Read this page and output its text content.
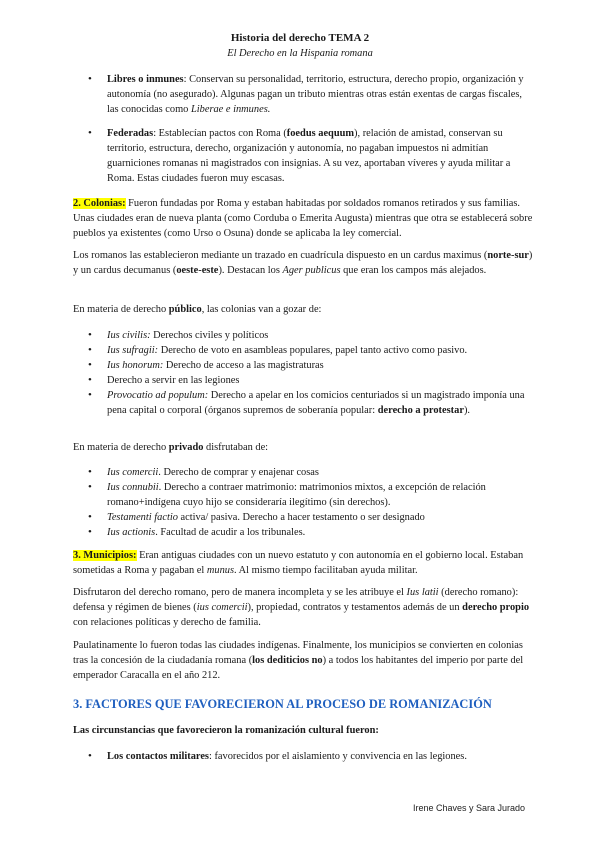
Historia del derecho TEMA 2
El Derecho en la Hispania romana
• Libres o inmunes: Conservan su personalidad, territorio, estructura, derecho propio, organización y autonomía (no asegurado). Algunas pagan un tributo mientras otras están exentas de cargas fiscales, las conocidas como Liberae e inmunes.
• Federadas: Establecían pactos con Roma (foedus aequum), relación de amistad, conservan su territorio, estructura, derecho, organización y autonomía, no pagaban impuestos ni admitían guarniciones romanas ni magistrados con insignias. A su vez, aportaban víveres y ayuda militar a Roma. Estas ciudades fueron muy escasas.

2. Colonias: Fueron fundadas por Roma y estaban habitadas por soldados romanos retirados y sus familias. Unas ciudades eran de nueva planta (como Corduba o Emerita Augusta) mientras que otra se establecerá sobre pueblos ya existentes (como Urso o Osuna) donde se aplicaba la ley comercial.

Los romanos las establecieron mediante un trazado en cuadrícula dispuesto en un cardus maximus (norte-sur) y un cardus decumanus (oeste-este). Destacan los Ager publicus que eran los campos más alejados.

En materia de derecho público, las colonias van a gozar de:

• Ius civilis: Derechos civiles y políticos
• Ius sufragii: Derecho de voto en asambleas populares, papel tanto activo como pasivo.
• Ius honorum: Derecho de acceso a las magistraturas
• Derecho a servir en las legiones
• Provocatio ad populum: Derecho a apelar en los comicios centuriados si un magistrado imponía una pena capital o corporal (órganos supremos de soberanía popular: derecho a protestar).

En materia de derecho privado disfrutaban de:

• Ius comercii. Derecho de comprar y enajenar cosas
• Ius connubii. Derecho a contraer matrimonio: matrimonios mixtos, a excepción de relación romano+indígena cuyo hijo se consideraría ilegítimo (sin derechos).
• Testamenti factio activa/ pasiva. Derecho a hacer testamento o ser designado
• Ius actionis. Facultad de acudir a los tribunales.

3. Municipios: Eran antiguas ciudades con un nuevo estatuto y con autonomía en el gobierno local. Estaban sometidas a Roma y pagaban el munus. Al mismo tiempo facilitaban ayuda militar.

Disfrutaron del derecho romano, pero de manera incompleta y se les atribuye el Ius latii (derecho romano): defensa y régimen de bienes (ius comercii), propiedad, contratos y testamentos además de un derecho propio con relaciones políticas y derecho de familia.

Paulatinamente lo fueron todas las ciudades indígenas. Finalmente, los municipios se convierten en colonias tras la concesión de la ciudadanía romana (los dediticios no) a todos los habitantes del imperio por parte del emperador Caracalla en el año 212.

3. FACTORES QUE FAVORECIERON AL PROCESO DE ROMANIZACIÓN

Las circunstancias que favorecieron la romanización cultural fueron:

• Los contactos militares: favorecidos por el aislamiento y convivencia en las legiones.
Irene Chaves y Sara Jurado
